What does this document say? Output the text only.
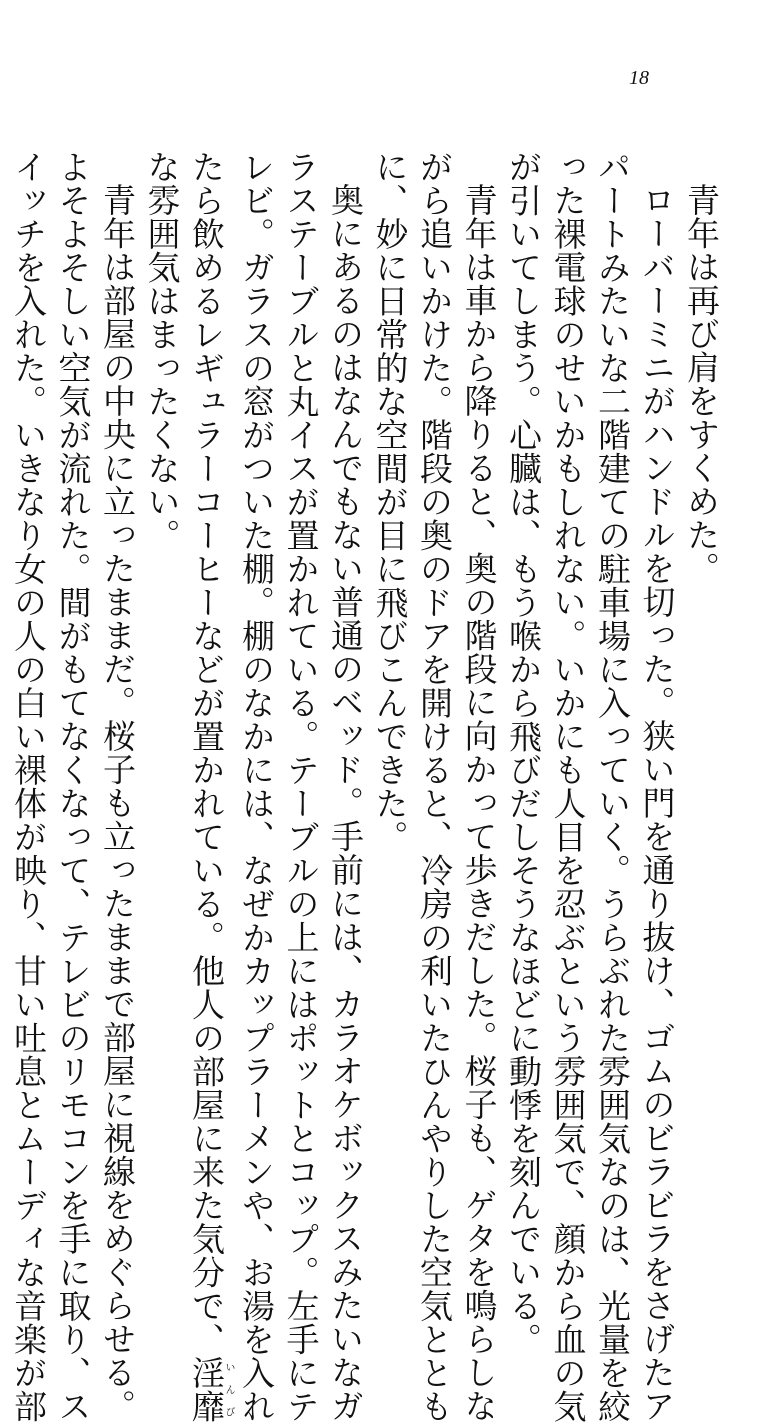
18
青年は再び肩をすくめた。
ローバーミニがハンドルを切った。狭い門を通り抜け、ゴムのビラビラをさげたア
パートみたいな二階建ての駐車場に入っていく。うらぶれた雰囲気なのは、光量を絞
った裸電球のせいかもしれない。いかにも人目を忍ぶという雰囲気で、顔から血の気
が引いてしまう。心臓は、もう喉から飛びだしそうなほどに動悸を刻んでいる。
青年は車から降りると、奥の階段に向かって歩きだした。桜子も、ゲタを鳴らしな
がら追いかけた。階段の奥のドアを開けると、冷房の利いたひんやりした空気ととも
に、妙に日常的な空間が目に飛びこんできた。
奥にあるのはなんでもない普通のベッド。手前には、カラオケボックスみたいなガ
ラステーブルと丸イスが置かれている。テーブルの上にはポットとコップ。左手にテ
レビ。ガラスの窓がついた棚。棚のなかには、なぜかカップラーメンや、お湯を入れ
たら飲めるレギュラーコーヒーなどが置かれている。他人の部屋に来た気分で、淫靡いんび
な雰囲気はまったくない。
青年は部屋の中央に立ったままだ。桜子も立ったままで部屋に視線をめぐらせる。
よそよそしい空気が流れた。間がもてなくなって、テレビのリモコンを手に取り、ス
イッチを入れた。いきなり女の人の白い裸体が映り、甘い吐息とムーディな音楽が部
